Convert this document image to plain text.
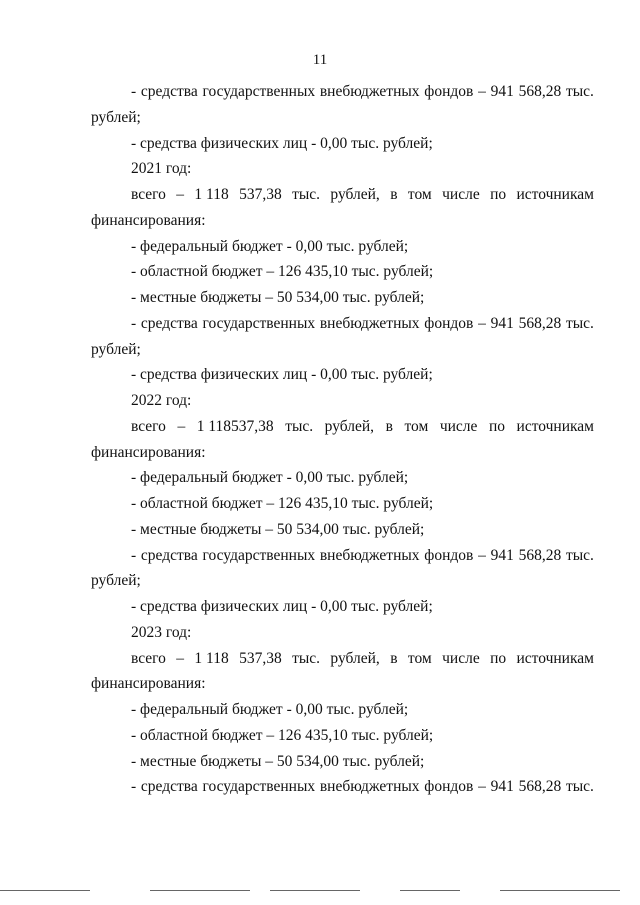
11
- средства государственных внебюджетных фондов – 941 568,28 тыс.
рублей;
- средства физических лиц - 0,00 тыс. рублей;
2021 год:
всего – 1 118 537,38 тыс. рублей, в том числе по источникам
финансирования:
- федеральный бюджет - 0,00 тыс. рублей;
- областной бюджет – 126 435,10 тыс. рублей;
- местные бюджеты – 50 534,00 тыс. рублей;
- средства государственных внебюджетных фондов – 941 568,28 тыс.
рублей;
- средства физических лиц - 0,00 тыс. рублей;
2022 год:
всего – 1 118537,38 тыс. рублей, в том числе по источникам
финансирования:
- федеральный бюджет - 0,00 тыс. рублей;
- областной бюджет – 126 435,10 тыс. рублей;
- местные бюджеты – 50 534,00 тыс. рублей;
- средства государственных внебюджетных фондов – 941 568,28 тыс.
рублей;
- средства физических лиц - 0,00 тыс. рублей;
2023 год:
всего – 1 118 537,38 тыс. рублей, в том числе по источникам
финансирования:
- федеральный бюджет - 0,00 тыс. рублей;
- областной бюджет – 126 435,10 тыс. рублей;
- местные бюджеты – 50 534,00 тыс. рублей;
- средства государственных внебюджетных фондов – 941 568,28 тыс.
